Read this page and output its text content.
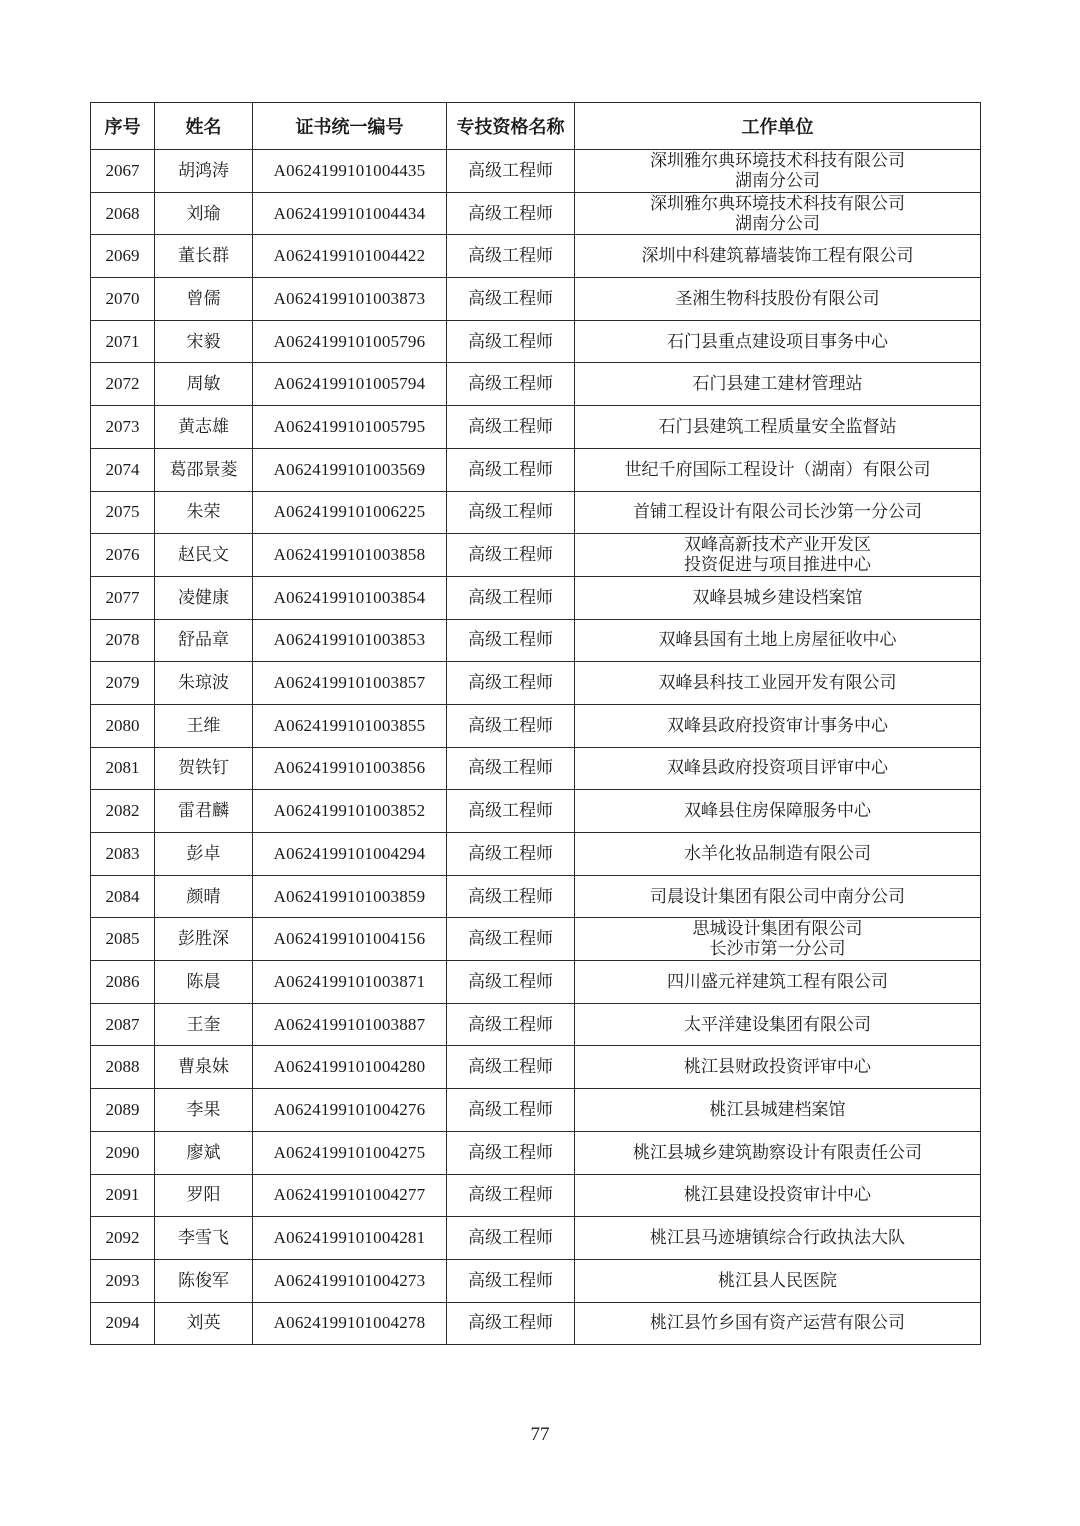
序号	姓名	证书统一编号	专技资格名称	工作单位
2067	胡鸿涛	A0624199101004435	高级工程师	深圳雅尔典环境技术科技有限公司
湖南分公司
2068	刘瑜	A0624199101004434	高级工程师	深圳雅尔典环境技术科技有限公司
湖南分公司
2069	董长群	A0624199101004422	高级工程师	深圳中科建筑幕墙装饰工程有限公司
2070	曾儒	A0624199101003873	高级工程师	圣湘生物科技股份有限公司
2071	宋毅	A0624199101005796	高级工程师	石门县重点建设项目事务中心
2072	周敏	A0624199101005794	高级工程师	石门县建工建材管理站
2073	黄志雄	A0624199101005795	高级工程师	石门县建筑工程质量安全监督站
2074	葛邵景菱	A0624199101003569	高级工程师	世纪千府国际工程设计（湖南）有限公司
2075	朱荣	A0624199101006225	高级工程师	首铺工程设计有限公司长沙第一分公司
2076	赵民文	A0624199101003858	高级工程师	双峰高新技术产业开发区
投资促进与项目推进中心
2077	凌健康	A0624199101003854	高级工程师	双峰县城乡建设档案馆
2078	舒品章	A0624199101003853	高级工程师	双峰县国有土地上房屋征收中心
2079	朱琼波	A0624199101003857	高级工程师	双峰县科技工业园开发有限公司
2080	王维	A0624199101003855	高级工程师	双峰县政府投资审计事务中心
2081	贺铁钉	A0624199101003856	高级工程师	双峰县政府投资项目评审中心
2082	雷君麟	A0624199101003852	高级工程师	双峰县住房保障服务中心
2083	彭卓	A0624199101004294	高级工程师	水羊化妆品制造有限公司
2084	颜晴	A0624199101003859	高级工程师	司晨设计集团有限公司中南分公司
2085	彭胜深	A0624199101004156	高级工程师	思城设计集团有限公司
长沙市第一分公司
2086	陈晨	A0624199101003871	高级工程师	四川盛元祥建筑工程有限公司
2087	王奎	A0624199101003887	高级工程师	太平洋建设集团有限公司
2088	曹泉妹	A0624199101004280	高级工程师	桃江县财政投资评审中心
2089	李果	A0624199101004276	高级工程师	桃江县城建档案馆
2090	廖斌	A0624199101004275	高级工程师	桃江县城乡建筑勘察设计有限责任公司
2091	罗阳	A0624199101004277	高级工程师	桃江县建设投资审计中心
2092	李雪飞	A0624199101004281	高级工程师	桃江县马迹塘镇综合行政执法大队
2093	陈俊军	A0624199101004273	高级工程师	桃江县人民医院
2094	刘英	A0624199101004278	高级工程师	桃江县竹乡国有资产运营有限公司
77
